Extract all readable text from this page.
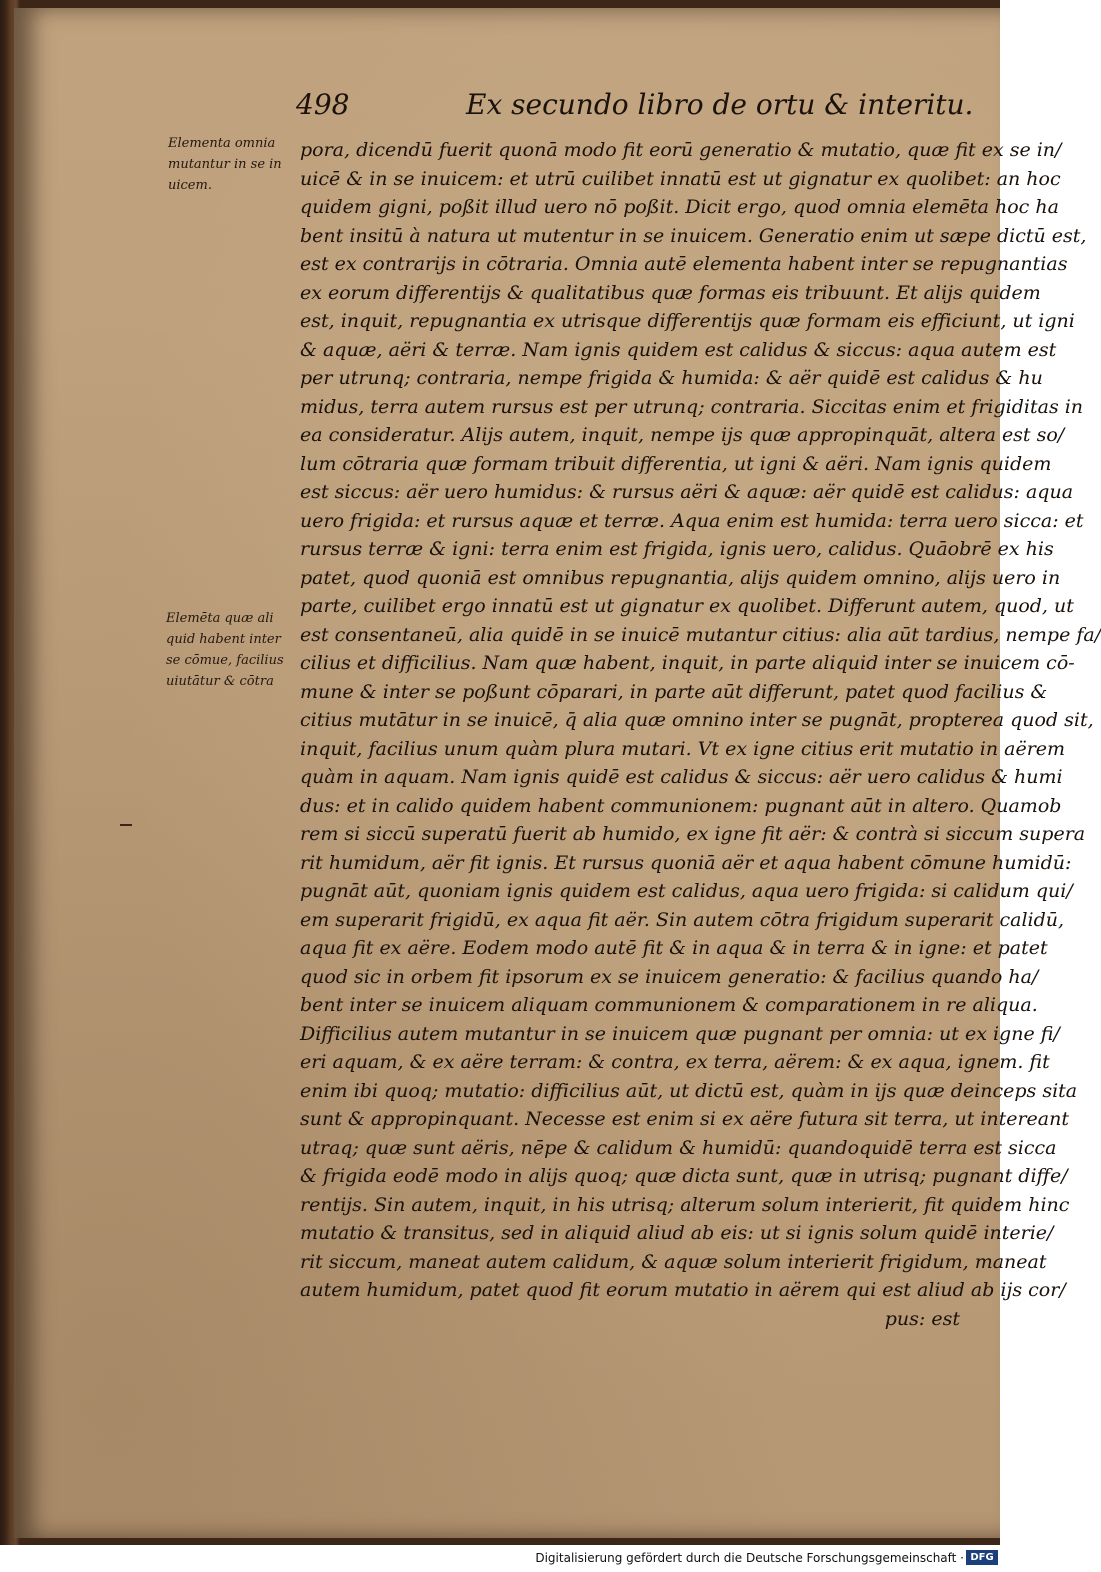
498	Ex secundo libro de ortu & interitu.
Elementa omnia
mutantur in se in
uicem.
Elemēta quæ ali
quid habent inter
se cōmue, facilius
uiutātur & cōtra
pora, dicendū fuerit quonā modo fit eorū generatio & mutatio, quæ fit ex se in/
uicē & in se inuicem: et utrū cuilibet innatū est ut gignatur ex quolibet: an hoc
quidem gigni, poßit illud uero nō poßit. Dicit ergo, quod omnia elemēta hoc ha
bent insitū à natura ut mutentur in se inuicem. Generatio enim ut sæpe dictū est,
est ex contrarijs in cōtraria. Omnia autē elementa habent inter se repugnantias
ex eorum differentijs & qualitatibus quæ formas eis tribuunt. Et alijs quidem
est, inquit, repugnantia ex utrisque differentijs quæ formam eis efficiunt, ut igni
& aquæ, aëri & terræ. Nam ignis quidem est calidus & siccus: aqua autem est
per utrunq; contraria, nempe frigida & humida: & aër quidē est calidus & hu
midus, terra autem rursus est per utrunq; contraria. Siccitas enim et frigiditas in
ea consideratur. Alijs autem, inquit, nempe ijs quæ appropinquāt, altera est so/
lum cōtraria quæ formam tribuit differentia, ut igni & aëri. Nam ignis quidem
est siccus: aër uero humidus: & rursus aëri & aquæ: aër quidē est calidus: aqua
uero frigida: et rursus aquæ et terræ. Aqua enim est humida: terra uero sicca: et
rursus terræ & igni: terra enim est frigida, ignis uero, calidus. Quāobrē ex his
patet, quod quoniā est omnibus repugnantia, alijs quidem omnino, alijs uero in
parte, cuilibet ergo innatū est ut gignatur ex quolibet. Differunt autem, quod, ut
est consentaneū, alia quidē in se inuicē mutantur citius: alia aūt tardius, nempe fa/
cilius et difficilius. Nam quæ habent, inquit, in parte aliquid inter se inuicem cō-
mune & inter se poßunt cōparari, in parte aūt differunt, patet quod facilius &
citius mutātur in se inuicē, q̄ alia quæ omnino inter se pugnāt, propterea quod sit,
inquit, facilius unum quàm plura mutari. Vt ex igne citius erit mutatio in aërem
quàm in aquam. Nam ignis quidē est calidus & siccus: aër uero calidus & humi
dus: et in calido quidem habent communionem: pugnant aūt in altero. Quamob
rem si siccū superatū fuerit ab humido, ex igne fit aër: & contrà si siccum supera
rit humidum, aër fit ignis. Et rursus quoniā aër et aqua habent cōmune humidū:
pugnāt aūt, quoniam ignis quidem est calidus, aqua uero frigida: si calidum qui/
em superarit frigidū, ex aqua fit aër. Sin autem cōtra frigidum superarit calidū,
aqua fit ex aëre. Eodem modo autē fit & in aqua & in terra & in igne: et patet
quod sic in orbem fit ipsorum ex se inuicem generatio: & facilius quando ha/
bent inter se inuicem aliquam communionem & comparationem in re aliqua.
Difficilius autem mutantur in se inuicem quæ pugnant per omnia: ut ex igne fi/
eri aquam, & ex aëre terram: & contra, ex terra, aërem: & ex aqua, ignem. fit
enim ibi quoq; mutatio: difficilius aūt, ut dictū est, quàm in ijs quæ deinceps sita
sunt & appropinquant. Necesse est enim si ex aëre futura sit terra, ut intereant
utraq; quæ sunt aëris, nēpe & calidum & humidū: quandoquidē terra est sicca
& frigida eodē modo in alijs quoq; quæ dicta sunt, quæ in utrisq; pugnant diffe/
rentijs. Sin autem, inquit, in his utrisq; alterum solum interierit, fit quidem hinc
mutatio & transitus, sed in aliquid aliud ab eis: ut si ignis solum quidē interie/
rit siccum, maneat autem calidum, & aquæ solum interierit frigidum, maneat
autem humidum, patet quod fit eorum mutatio in aërem qui est aliud ab ijs cor/
pus: est
Digitalisierung gefördert durch die Deutsche Forschungsgemeinschaft · DFG
